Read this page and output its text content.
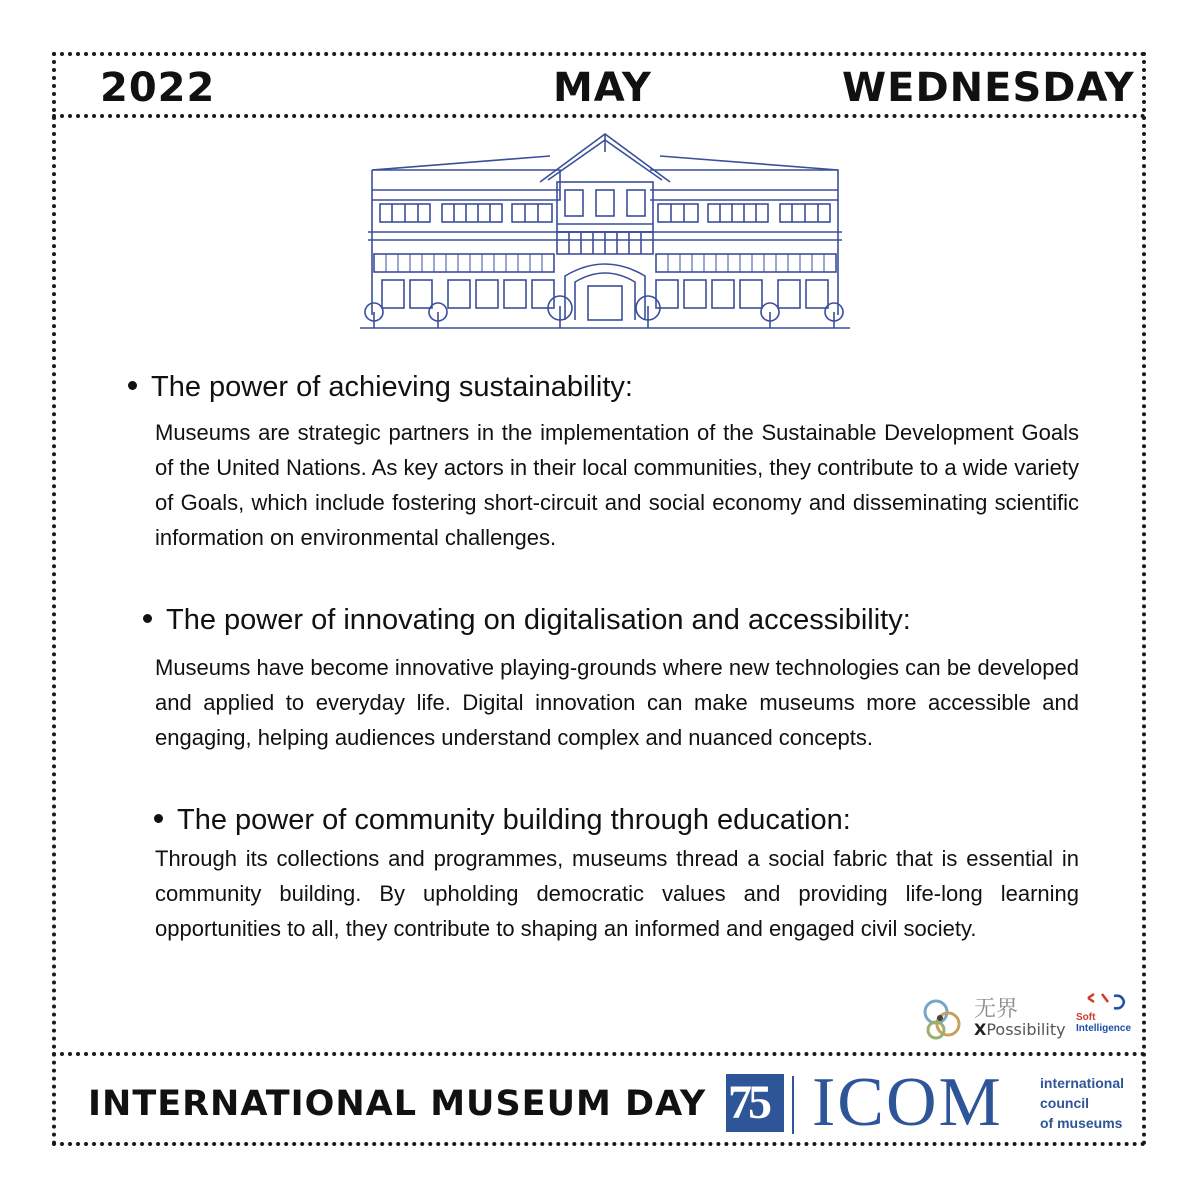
2022	MAY	WEDNESDAY
The power of achieving sustainability:
Museums are strategic partners in the implementation of the Sustainable Development Goals of the United Nations. As key actors in their local communities, they contribute to a wide variety of Goals, which include fostering short-circuit and social economy and disseminating scientific information on environmental challenges.
The power of innovating on digitalisation and accessibility:
Museums have become innovative playing-grounds where new technologies can be developed and applied to everyday life. Digital innovation can make museums more accessible and engaging, helping audiences understand complex and nuanced concepts.
The power of community building through education:
Through its collections and programmes, museums thread a social fabric that is essential in community building. By upholding democratic values and providing life-long learning opportunities to all, they contribute to shaping an informed and engaged civil society.
无界
XPossibility
Soft
Intelligence
INTERNATIONAL MUSEUM DAY 75 ICOM	international
council
of museums
